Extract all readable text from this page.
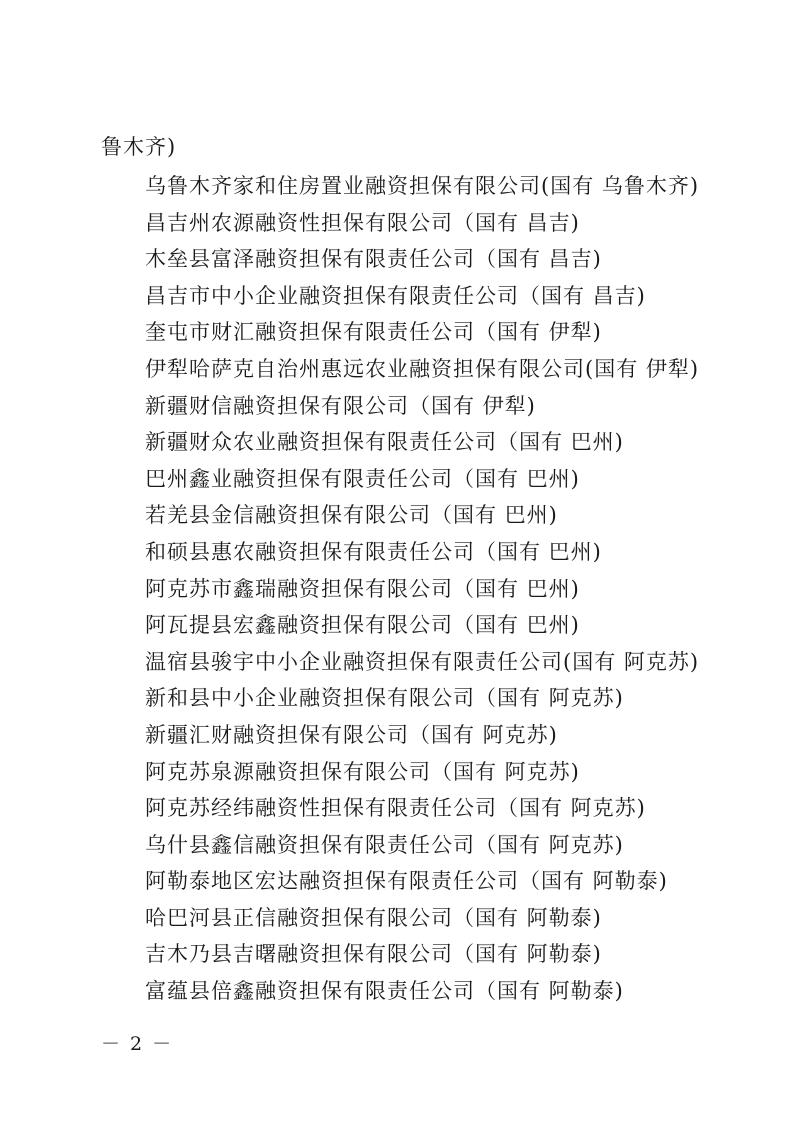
鲁木齐)
乌鲁木齐家和住房置业融资担保有限公司(国有 乌鲁木齐)
昌吉州农源融资性担保有限公司（国有 昌吉)
木垒县富泽融资担保有限责任公司（国有 昌吉)
昌吉市中小企业融资担保有限责任公司（国有 昌吉)
奎屯市财汇融资担保有限责任公司（国有 伊犁)
伊犁哈萨克自治州惠远农业融资担保有限公司(国有 伊犁)
新疆财信融资担保有限公司（国有 伊犁)
新疆财众农业融资担保有限责任公司（国有 巴州)
巴州鑫业融资担保有限责任公司（国有 巴州)
若羌县金信融资担保有限公司（国有 巴州)
和硕县惠农融资担保有限责任公司（国有 巴州)
阿克苏市鑫瑞融资担保有限公司（国有 巴州)
阿瓦提县宏鑫融资担保有限公司（国有 巴州)
温宿县骏宇中小企业融资担保有限责任公司(国有 阿克苏)
新和县中小企业融资担保有限公司（国有 阿克苏)
新疆汇财融资担保有限公司（国有 阿克苏)
阿克苏泉源融资担保有限公司（国有 阿克苏)
阿克苏经纬融资性担保有限责任公司（国有 阿克苏)
乌什县鑫信融资担保有限责任公司（国有 阿克苏)
阿勒泰地区宏达融资担保有限责任公司（国有 阿勒泰)
哈巴河县正信融资担保有限公司（国有 阿勒泰)
吉木乃县吉曙融资担保有限公司（国有 阿勒泰)
富蕴县倍鑫融资担保有限责任公司（国有 阿勒泰)
－ 2 －
